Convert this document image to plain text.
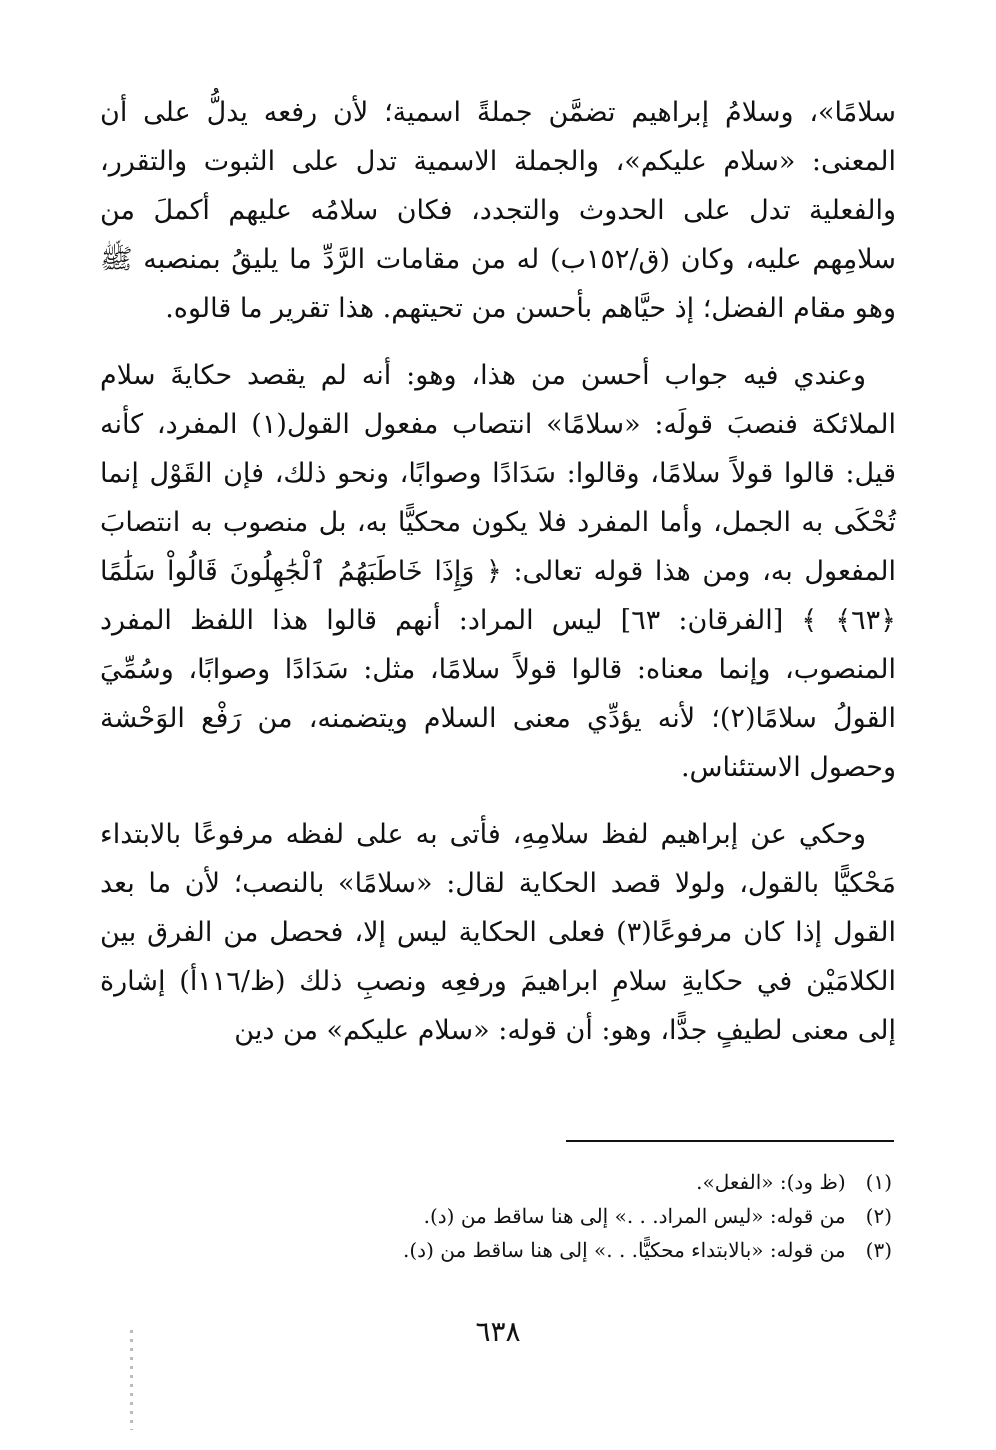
سلامًا»، وسلامُ إبراهيم تضمَّن جملةً اسمية؛ لأن رفعه يدلُّ على أن المعنى: «سلام عليكم»، والجملة الاسمية تدل على الثبوت والتقرر، والفعلية تدل على الحدوث والتجدد، فكان سلامُه عليهم أكملَ من سلامِهم عليه، وكان (ق/١٥٢ب) له من مقامات الرَّدِّ ما يليقُ بمنصبه ﷺ وهو مقام الفضل؛ إذ حيَّاهم بأحسن من تحيتهم. هذا تقرير ما قالوه.

وعندي فيه جواب أحسن من هذا، وهو: أنه لم يقصد حكايةَ سلام الملائكة فنصبَ قولَه: «سلامًا» انتصاب مفعول القول(١) المفرد، كأنه قيل: قالوا قولاً سلامًا، وقالوا: سَدَادًا وصوابًا، ونحو ذلك، فإن القَوْل إنما تُحْكَى به الجمل، وأما المفرد فلا يكون محكيًّا به، بل منصوب به انتصابَ المفعول به، ومن هذا قوله تعالى: ﴿ وَإِذَا خَاطَبَهُمُ ٱلْجَٰهِلُونَ قَالُواْ سَلَٰمًا ﴿٦٣﴾ ﴾ [الفرقان: ٦٣] ليس المراد: أنهم قالوا هذا اللفظ المفرد المنصوب، وإنما معناه: قالوا قولاً سلامًا، مثل: سَدَادًا وصوابًا، وسُمِّيَ القولُ سلامًا(٢)؛ لأنه يؤدِّي معنى السلام ويتضمنه، من رَفْع الوَحْشة وحصول الاستئناس.

وحكي عن إبراهيم لفظ سلامِهِ، فأتى به على لفظه مرفوعًا بالابتداء مَحْكيًّا بالقول، ولولا قصد الحكاية لقال: «سلامًا» بالنصب؛ لأن ما بعد القول إذا كان مرفوعًا(٣) فعلى الحكاية ليس إلا، فحصل من الفرق بين الكلامَيْن في حكايةِ سلامِ ابراهيمَ ورفعِه ونصبِ ذلك (ظ/١١٦أ) إشارة إلى معنى لطيفٍ جدًّا، وهو: أن قوله: «سلام عليكم» من دين

(١) (ظ ود): «الفعل».
(٢) من قوله: «ليس المراد. . .» إلى هنا ساقط من (د).
(٣) من قوله: «بالابتداء محكيًّا. . .» إلى هنا ساقط من (د).
٦٣٨
